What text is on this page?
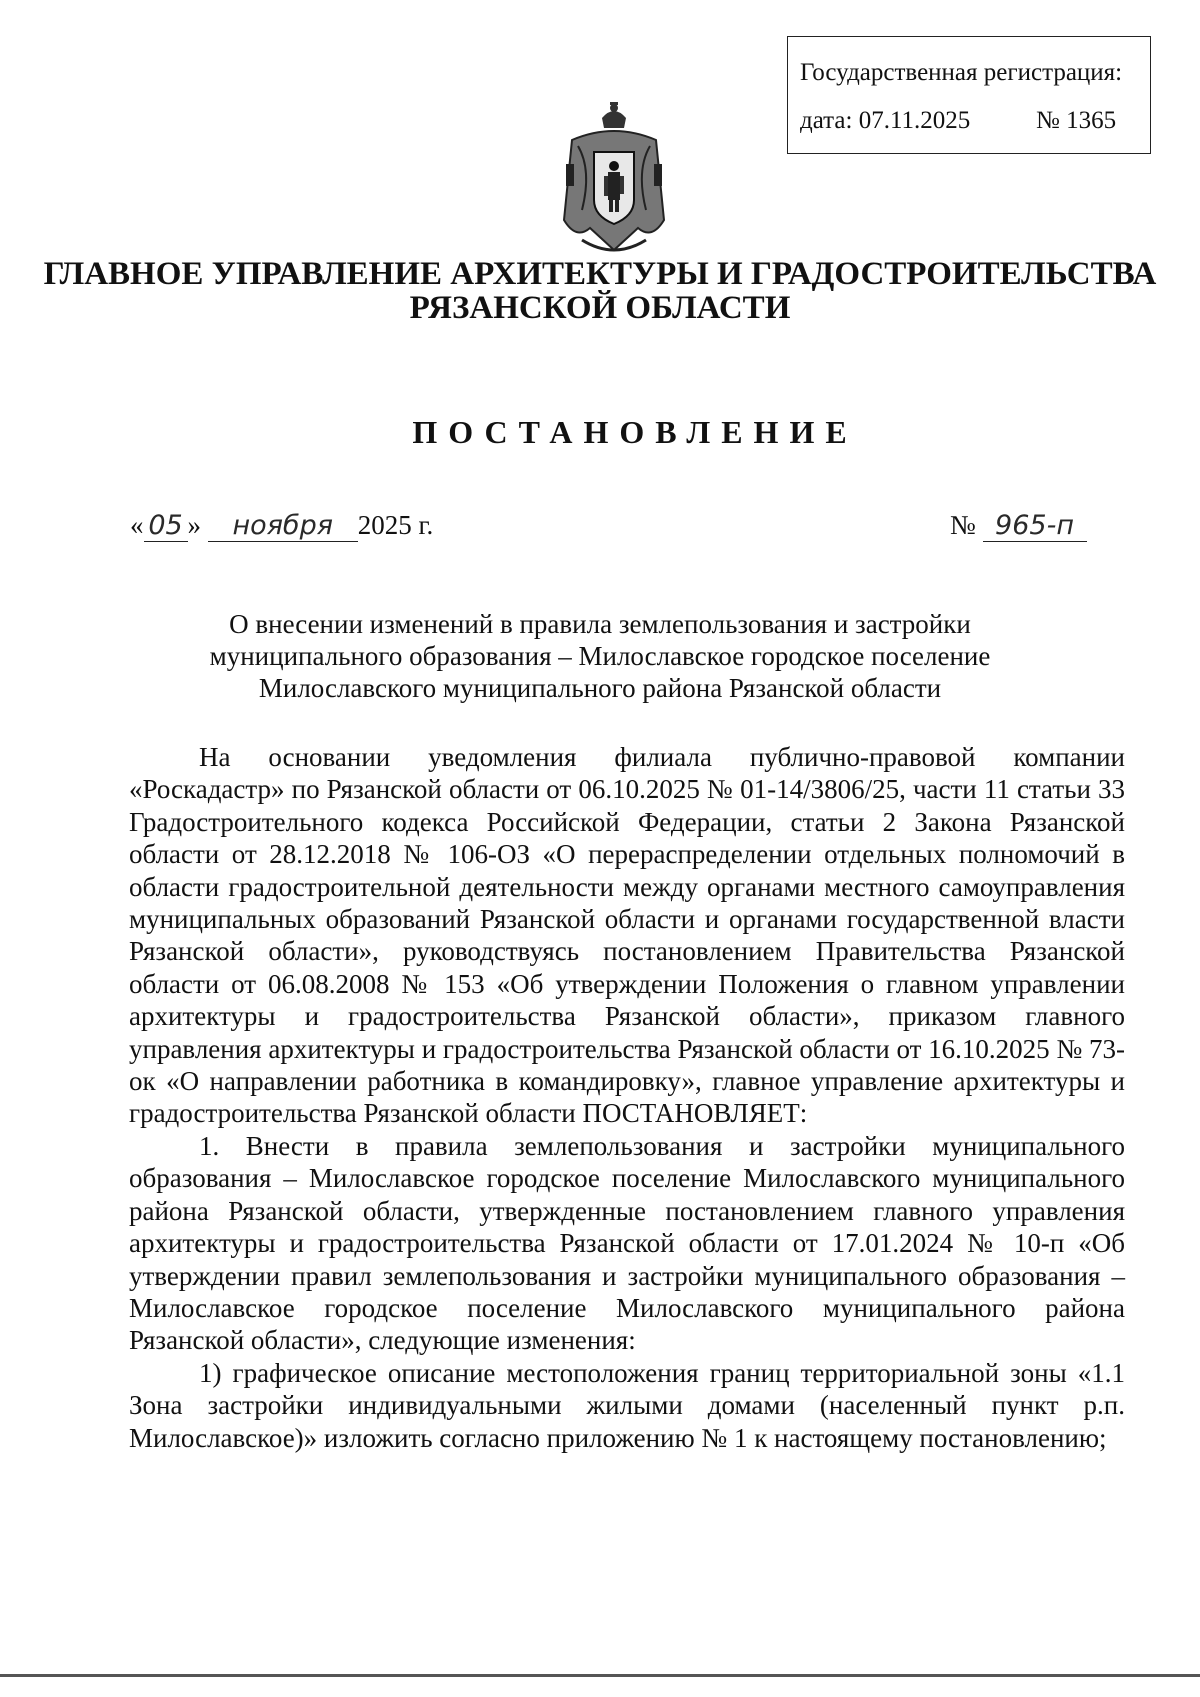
Государственная регистрация:
дата: 07.11.2025	№ 1365
ГЛАВНОЕ УПРАВЛЕНИЕ АРХИТЕКТУРЫ И ГРАДОСТРОИТЕЛЬСТВА
РЯЗАНСКОЙ ОБЛАСТИ
ПОСТАНОВЛЕНИЕ
« 05 » ноября 2025 г.	№ 965-п
О внесении изменений в правила землепользования и застройки
муниципального образования – Милославское городское поселение
Милославского муниципального района Рязанской области

На основании уведомления филиала публично-правовой компании «Роскадастр» по Рязанской области от 06.10.2025 № 01-14/3806/25, части 11 статьи 33 Градостроительного кодекса Российской Федерации, статьи 2 Закона Рязанской области от 28.12.2018 № 106-ОЗ «О перераспределении отдельных полномочий в области градостроительной деятельности между органами местного самоуправления муниципальных образований Рязанской области и органами государственной власти Рязанской области», руководствуясь постановлением Правительства Рязанской области от 06.08.2008 № 153 «Об утверждении Положения о главном управлении архитектуры и градостроительства Рязанской области», приказом главного управления архитектуры и градостроительства Рязанской области от 16.10.2025 № 73-ок «О направлении работника в командировку», главное управление архитектуры и градостроительства Рязанской области ПОСТАНОВЛЯЕТ:

1. Внести в правила землепользования и застройки муниципального образования – Милославское городское поселение Милославского муниципального района Рязанской области, утвержденные постановлением главного управления архитектуры и градостроительства Рязанской области от 17.01.2024 № 10-п «Об утверждении правил землепользования и застройки муниципального образования – Милославское городское поселение Милославского муниципального района Рязанской области», следующие изменения:

1) графическое описание местоположения границ территориальной зоны «1.1 Зона застройки индивидуальными жилыми домами (населенный пункт р.п. Милославское)» изложить согласно приложению № 1 к настоящему постановлению;
